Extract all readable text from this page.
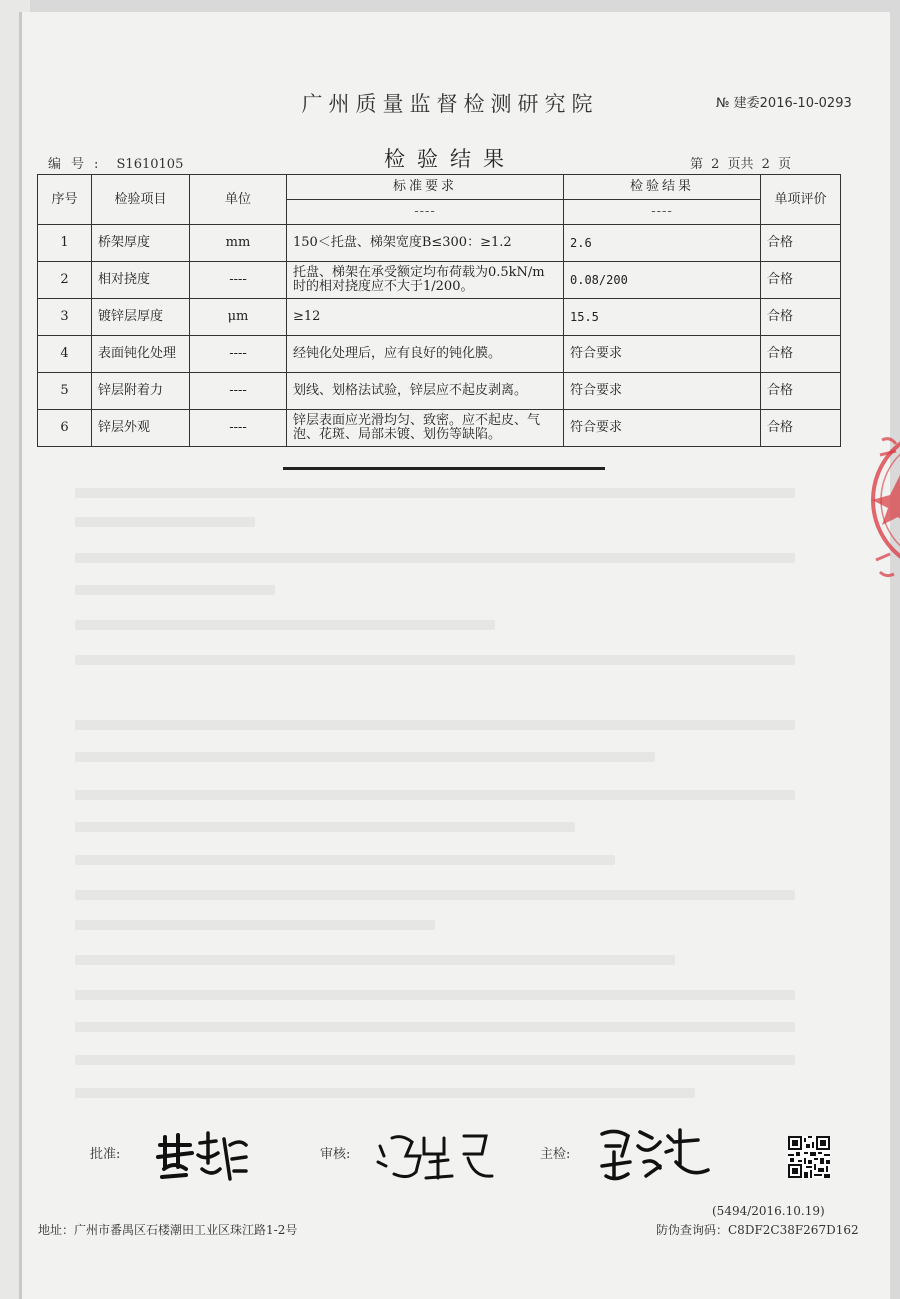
广州质量监督检测研究院	№ 建委2016-10-0293
检验结果
编号: S1610105	第 2 页共 2 页
序号	检验项目	单位	标准要求	检验结果	单项评价
			----	----	
1	桥架厚度	mm	150＜托盘、梯架宽度B≤300：≥1.2	2.6	合格
2	相对挠度	----	托盘、梯架在承受额定均布荷载为0.5kN/m时的相对挠度应不大于1/200。	0.08/200	合格
3	镀锌层厚度	μm	≥12	15.5	合格
4	表面钝化处理	----	经钝化处理后，应有良好的钝化膜。	符合要求	合格
5	锌层附着力	----	划线、划格法试验，锌层应不起皮剥离。	符合要求	合格
6	锌层外观	----	锌层表面应光滑均匀、致密。应不起皮、气泡、花斑、局部未镀、划伤等缺陷。	符合要求	合格
批准:	审核:	主检:
(5494/2016.10.19)
地址：广州市番禺区石楼潮田工业区珠江路1-2号	防伪查询码：C8DF2C38F267D162
